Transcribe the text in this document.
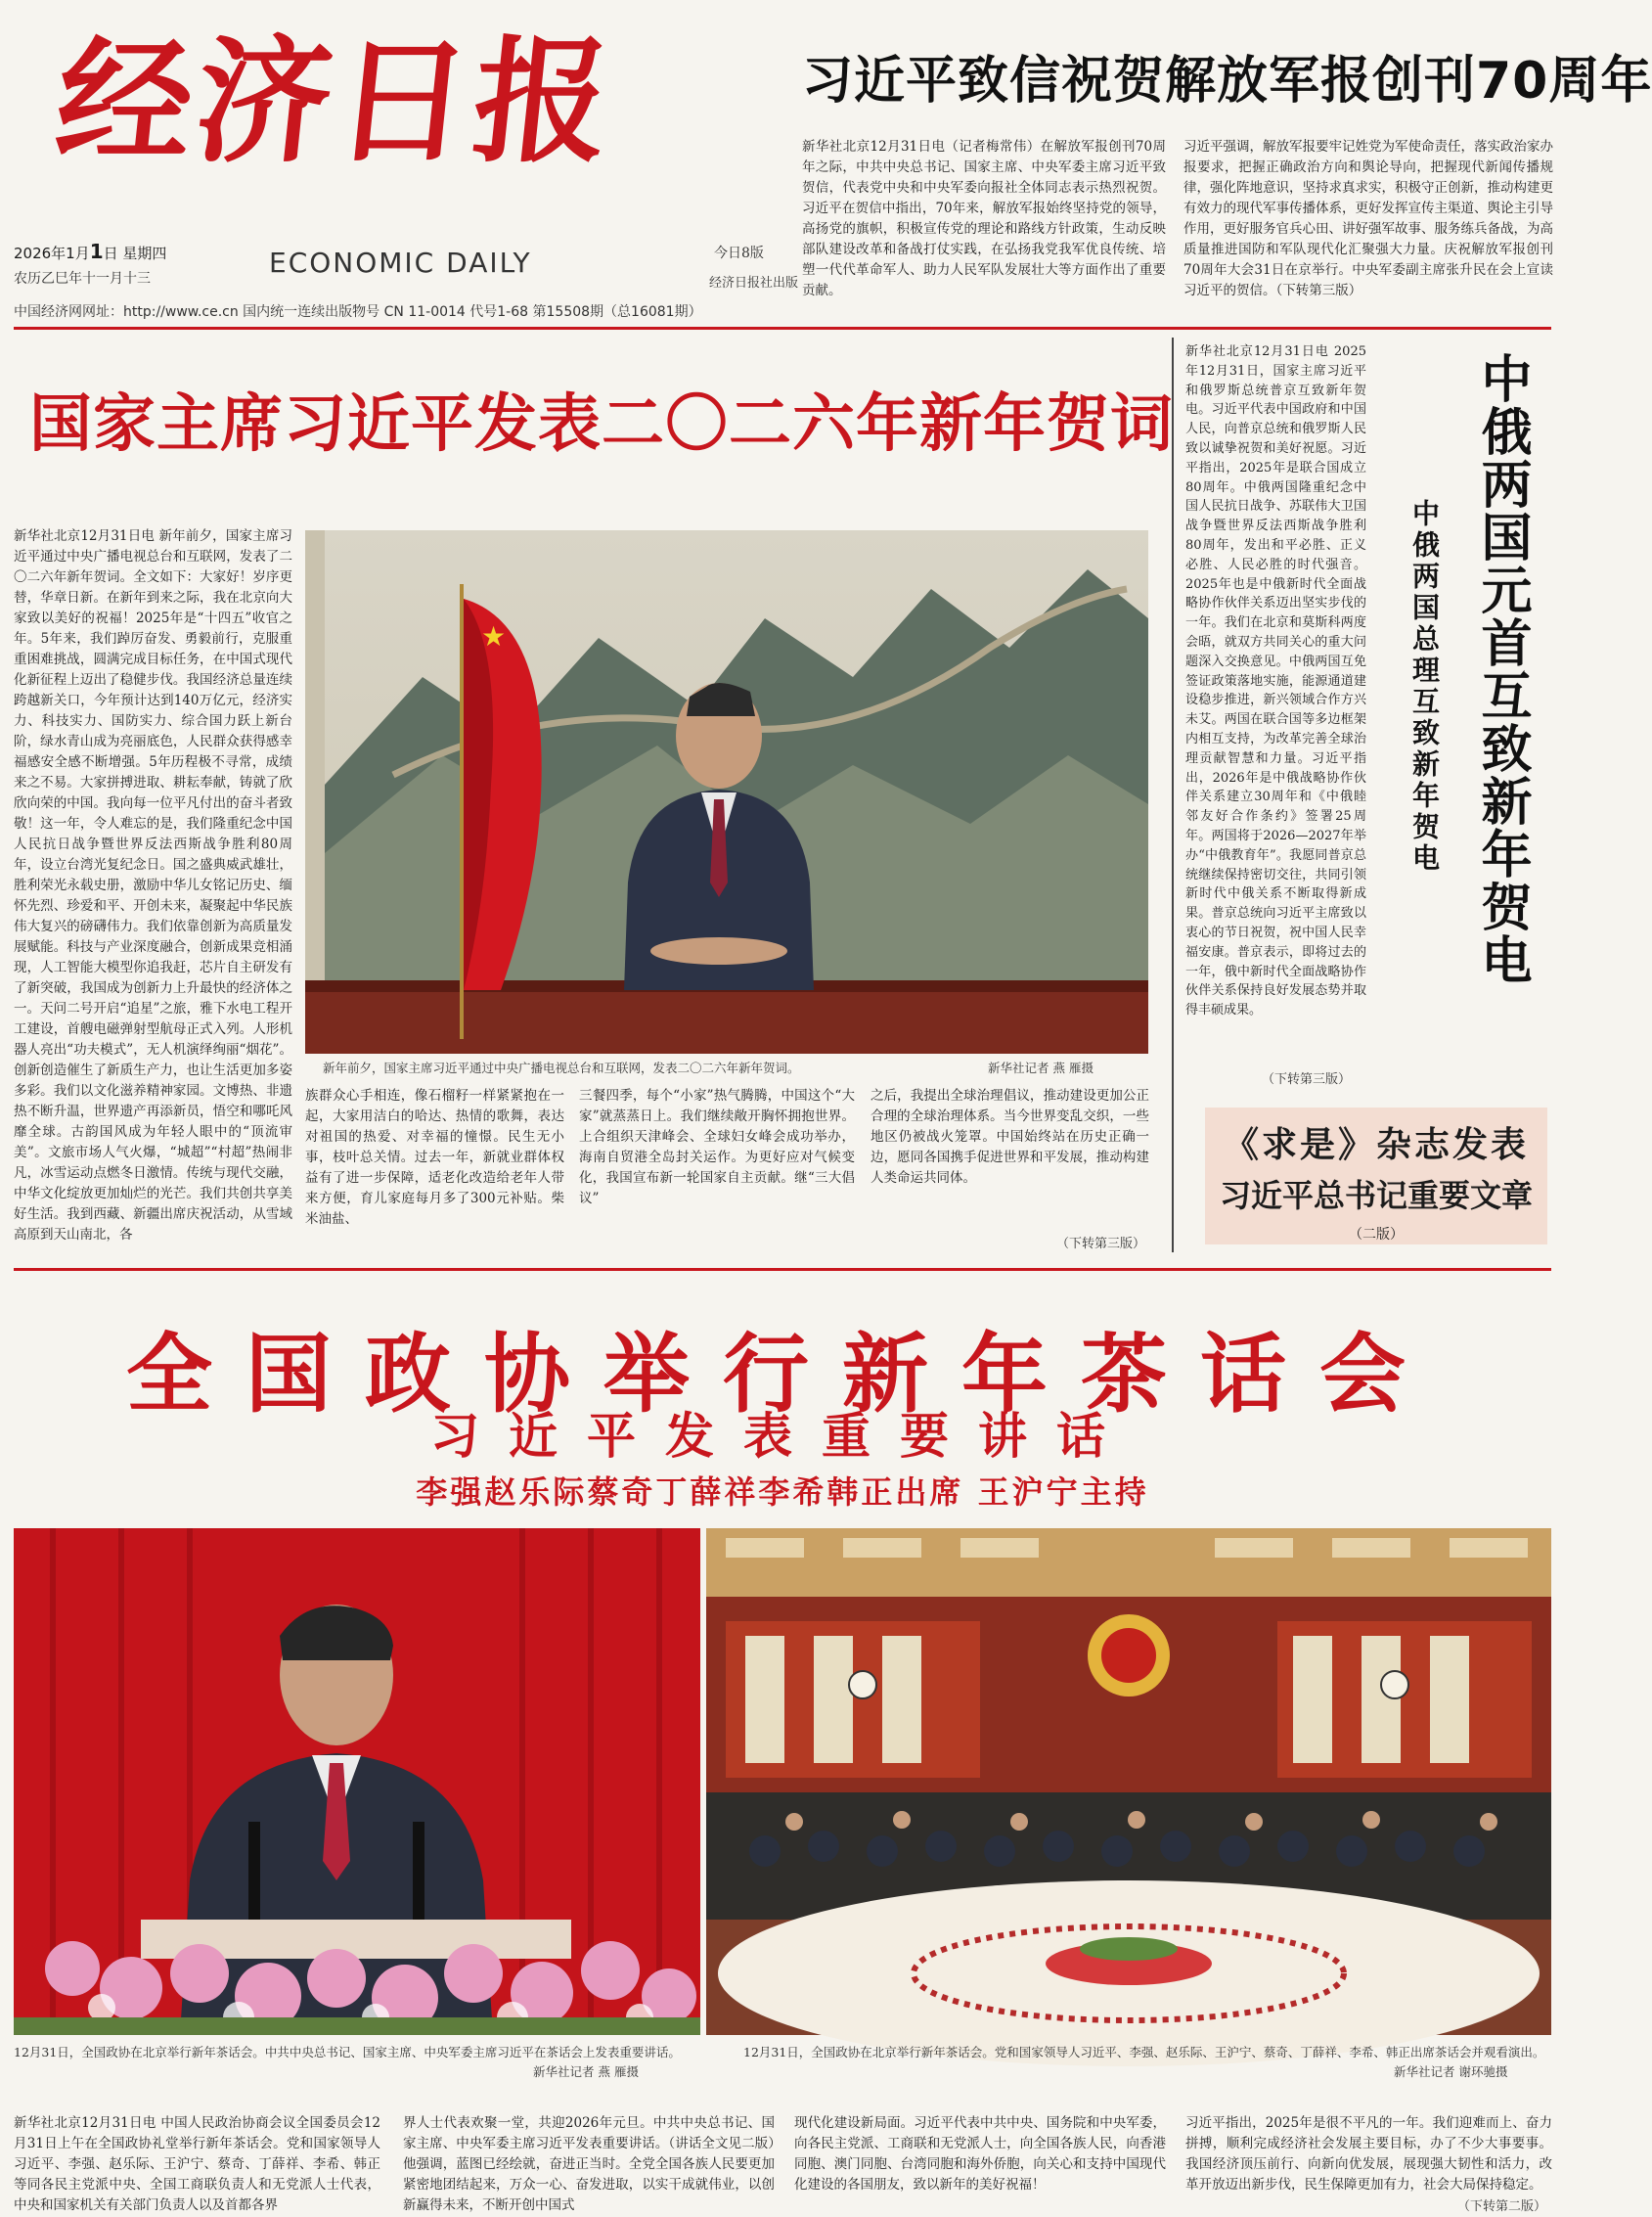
经济日报
2026年1月1日 星期四
农历乙巳年十一月十三	ECONOMIC DAILY	今日8版
经济日报社出版
中国经济网网址：http://www.ce.cn 国内统一连续出版物号 CN 11-0014 代号1-68 第15508期（总16081期）
习近平致信祝贺解放军报创刊70周年
新华社北京12月31日电（记者梅常伟）在解放军报创刊70周年之际，中共中央总书记、国家主席、中央军委主席习近平致贺信，代表党中央和中央军委向报社全体同志表示热烈祝贺。习近平在贺信中指出，70年来，解放军报始终坚持党的领导，高扬党的旗帜，积极宣传党的理论和路线方针政策，生动反映部队建设改革和备战打仗实践，在弘扬我党我军优良传统、培塑一代代革命军人、助力人民军队发展壮大等方面作出了重要贡献。
习近平强调，解放军报要牢记姓党为军使命责任，落实政治家办报要求，把握正确政治方向和舆论导向，把握现代新闻传播规律，强化阵地意识，坚持求真求实，积极守正创新，推动构建更有效力的现代军事传播体系，更好发挥宣传主渠道、舆论主引导作用，更好服务官兵心田、讲好强军故事、服务练兵备战，为高质量推进国防和军队现代化汇聚强大力量。庆祝解放军报创刊70周年大会31日在京举行。中央军委副主席张升民在会上宣读习近平的贺信。（下转第三版）
国家主席习近平发表二〇二六年新年贺词
新华社北京12月31日电 新年前夕，国家主席习近平通过中央广播电视总台和互联网，发表了二〇二六年新年贺词。全文如下：大家好！岁序更替，华章日新。在新年到来之际，我在北京向大家致以美好的祝福！2025年是“十四五”收官之年。5年来，我们踔厉奋发、勇毅前行，克服重重困难挑战，圆满完成目标任务，在中国式现代化新征程上迈出了稳健步伐。我国经济总量连续跨越新关口，今年预计达到140万亿元，经济实力、科技实力、国防实力、综合国力跃上新台阶，绿水青山成为亮丽底色，人民群众获得感幸福感安全感不断增强。5年历程极不寻常，成绩来之不易。大家拼搏进取、耕耘奉献，铸就了欣欣向荣的中国。我向每一位平凡付出的奋斗者致敬！这一年，令人难忘的是，我们隆重纪念中国人民抗日战争暨世界反法西斯战争胜利80周年，设立台湾光复纪念日。国之盛典威武雄壮，胜利荣光永载史册，激励中华儿女铭记历史、缅怀先烈、珍爱和平、开创未来，凝聚起中华民族伟大复兴的磅礴伟力。我们依靠创新为高质量发展赋能。科技与产业深度融合，创新成果竞相涌现，人工智能大模型你追我赶，芯片自主研发有了新突破，我国成为创新力上升最快的经济体之一。天问二号开启“追星”之旅，雅下水电工程开工建设，首艘电磁弹射型航母正式入列。人形机器人亮出“功夫模式”，无人机演绎绚丽“烟花”。创新创造催生了新质生产力，也让生活更加多姿多彩。我们以文化滋养精神家园。文博热、非遗热不断升温，世界遗产再添新员，悟空和哪吒风靡全球。古韵国风成为年轻人眼中的“顶流审美”。文旅市场人气火爆，“城超”“村超”热闹非凡，冰雪运动点燃冬日激情。传统与现代交融，中华文化绽放更加灿烂的光芒。我们共创共享美好生活。我到西藏、新疆出席庆祝活动，从雪域高原到天山南北，各
★
新年前夕，国家主席习近平通过中央广播电视总台和互联网，发表二〇二六年新年贺词。	新华社记者 燕 雁摄
族群众心手相连，像石榴籽一样紧紧抱在一起，大家用洁白的哈达、热情的歌舞，表达对祖国的热爱、对幸福的憧憬。民生无小事，枝叶总关情。过去一年，新就业群体权益有了进一步保障，适老化改造给老年人带来方便，育儿家庭每月多了300元补贴。柴米油盐、
三餐四季，每个“小家”热气腾腾，中国这个“大家”就蒸蒸日上。我们继续敞开胸怀拥抱世界。上合组织天津峰会、全球妇女峰会成功举办，海南自贸港全岛封关运作。为更好应对气候变化，我国宣布新一轮国家自主贡献。继“三大倡议”
之后，我提出全球治理倡议，推动建设更加公正合理的全球治理体系。当今世界变乱交织，一些地区仍被战火笼罩。中国始终站在历史正确一边，愿同各国携手促进世界和平发展，推动构建人类命运共同体。
（下转第三版）
新华社北京12月31日电 2025年12月31日，国家主席习近平和俄罗斯总统普京互致新年贺电。习近平代表中国政府和中国人民，向普京总统和俄罗斯人民致以诚挚祝贺和美好祝愿。习近平指出，2025年是联合国成立80周年。中俄两国隆重纪念中国人民抗日战争、苏联伟大卫国战争暨世界反法西斯战争胜利80周年，发出和平必胜、正义必胜、人民必胜的时代强音。2025年也是中俄新时代全面战略协作伙伴关系迈出坚实步伐的一年。我们在北京和莫斯科两度会晤，就双方共同关心的重大问题深入交换意见。中俄两国互免签证政策落地实施，能源通道建设稳步推进，新兴领域合作方兴未艾。两国在联合国等多边框架内相互支持，为改革完善全球治理贡献智慧和力量。习近平指出，2026年是中俄战略协作伙伴关系建立30周年和《中俄睦邻友好合作条约》签署25周年。两国将于2026—2027年举办“中俄教育年”。我愿同普京总统继续保持密切交往，共同引领新时代中俄关系不断取得新成果。普京总统向习近平主席致以衷心的节日祝贺，祝中国人民幸福安康。普京表示，即将过去的一年，俄中新时代全面战略协作伙伴关系保持良好发展态势并取得丰硕成果。
（下转第三版）
中俄两国总理互致新年贺电 中俄两国元首互致新年贺电
《求是》杂志发表
习近平总书记重要文章
（二版）
全国政协举行新年茶话会
习近平发表重要讲话
李强赵乐际蔡奇丁薛祥李希韩正出席 王沪宁主持
12月31日，全国政协在北京举行新年茶话会。中共中央总书记、国家主席、中央军委主席习近平在茶话会上发表重要讲话。
新华社记者 燕 雁摄
12月31日，全国政协在北京举行新年茶话会。党和国家领导人习近平、李强、赵乐际、王沪宁、蔡奇、丁薛祥、李希、韩正出席茶话会并观看演出。
新华社记者 谢环驰摄
新华社北京12月31日电 中国人民政治协商会议全国委员会12月31日上午在全国政协礼堂举行新年茶话会。党和国家领导人习近平、李强、赵乐际、王沪宁、蔡奇、丁薛祥、李希、韩正等同各民主党派中央、全国工商联负责人和无党派人士代表，中央和国家机关有关部门负责人以及首都各界
界人士代表欢聚一堂，共迎2026年元旦。中共中央总书记、国家主席、中央军委主席习近平发表重要讲话。（讲话全文见二版）他强调，蓝图已经绘就，奋进正当时。全党全国各族人民要更加紧密地团结起来，万众一心、奋发进取，以实干成就伟业，以创新赢得未来，不断开创中国式
现代化建设新局面。习近平代表中共中央、国务院和中央军委，向各民主党派、工商联和无党派人士，向全国各族人民，向香港同胞、澳门同胞、台湾同胞和海外侨胞，向关心和支持中国现代化建设的各国朋友，致以新年的美好祝福！
习近平指出，2025年是很不平凡的一年。我们迎难而上、奋力拼搏，顺利完成经济社会发展主要目标，办了不少大事要事。我国经济顶压前行、向新向优发展，展现强大韧性和活力，改革开放迈出新步伐，民生保障更加有力，社会大局保持稳定。
（下转第二版）
